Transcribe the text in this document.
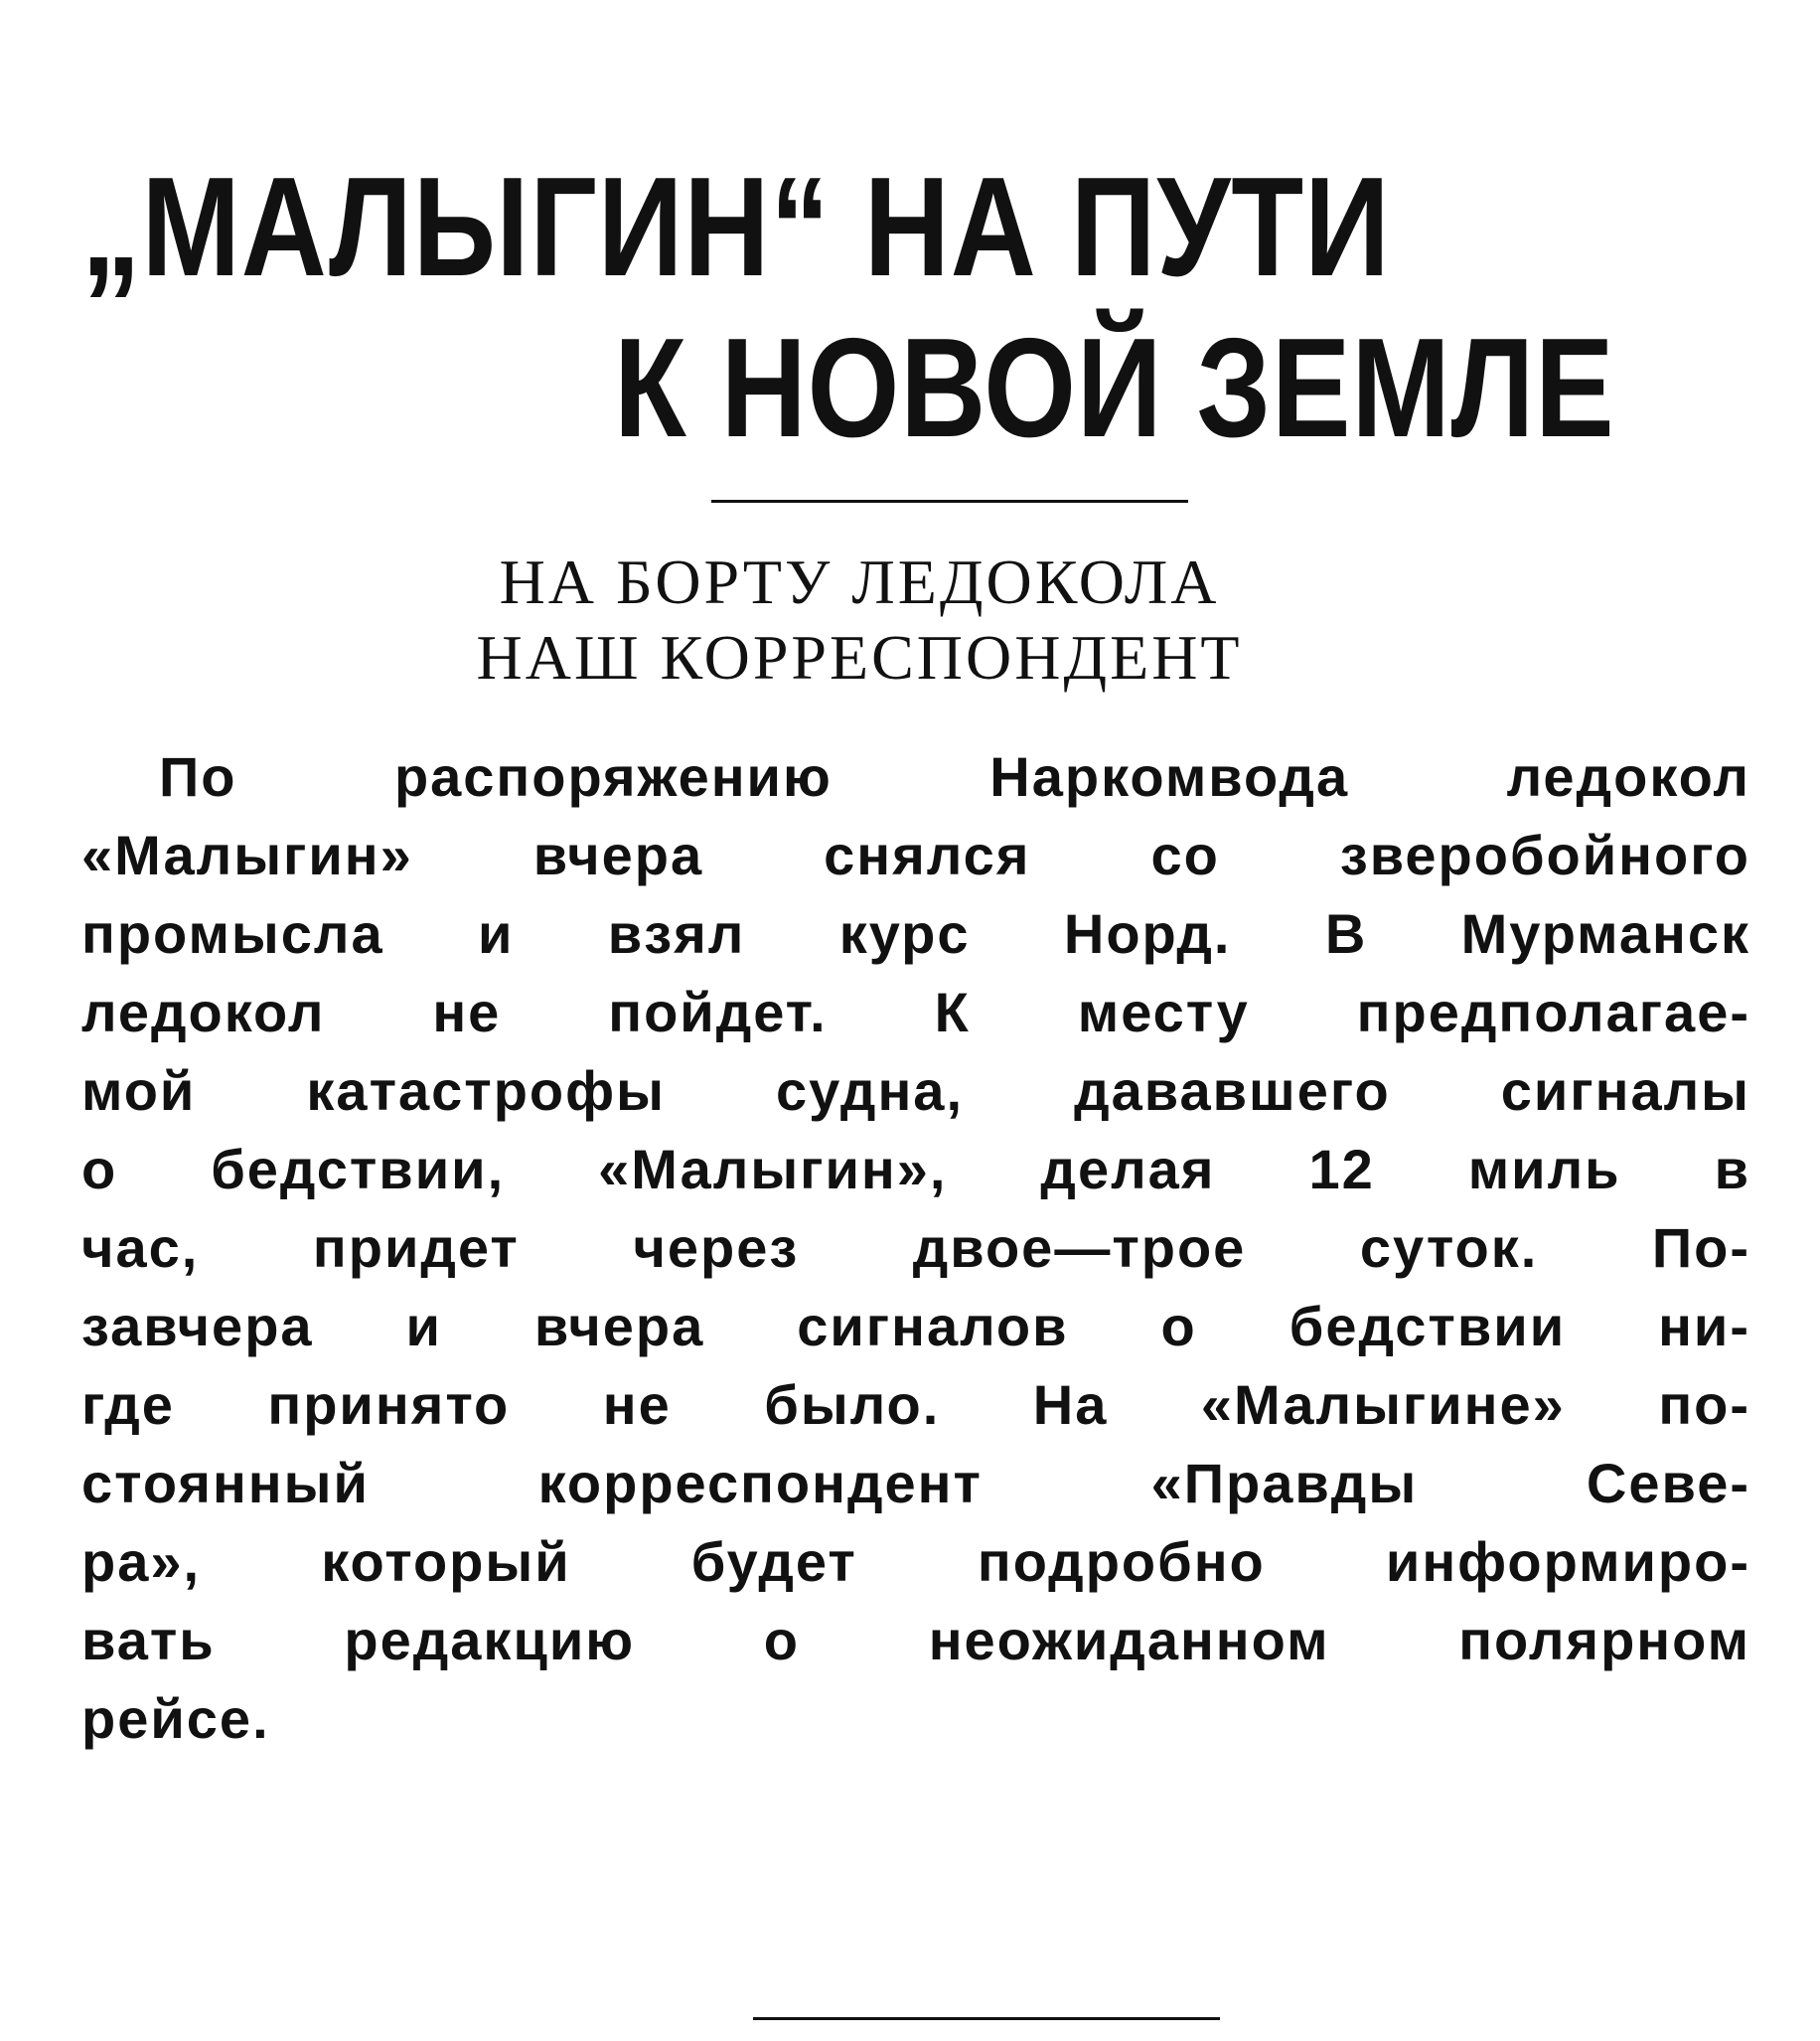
„МАЛЫГИН“ НА ПУТИ
К НОВОЙ ЗЕМЛЕ
НА БОРТУ ЛЕДОКОЛА
НАШ КОРРЕСПОНДЕНТ
По распоряжению Наркомвода ледокол
«Малыгин» вчера снялся со зверобойного
промысла и взял курс Норд. В Мурманск
ледокол не пойдет. К месту предполагае-
мой катастрофы судна, дававшего сигналы
о бедствии, «Малыгин», делая 12 миль в
час, придет через двое—трое суток. По-
завчера и вчера сигналов о бедствии ни-
где принято не было. На «Малыгине» по-
стоянный корреспондент «Правды Севе-
ра», который будет подробно информиро-
вать редакцию о неожиданном полярном
рейсе.
